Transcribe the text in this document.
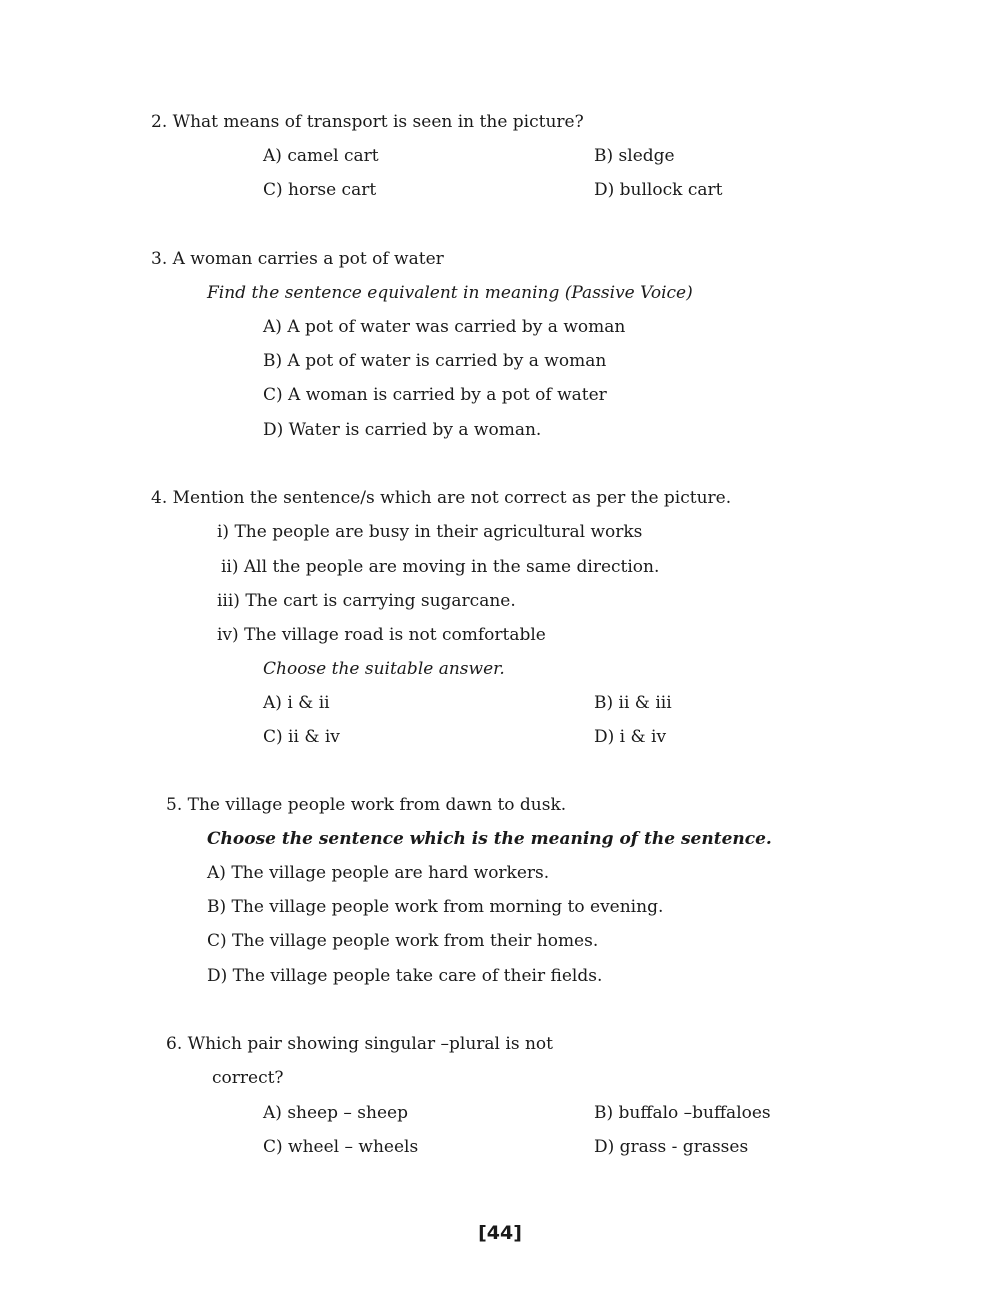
2. What means of transport is seen in the picture?
A) camel cart	B) sledge
C) horse cart	D) bullock cart
3. A woman carries a pot of water
Find the sentence equivalent in meaning (Passive Voice)
A) A pot of water was carried by a woman
B) A pot of water is carried by a woman
C) A woman is carried by a pot of water
D) Water is carried by a woman.
4. Mention the sentence/s which are not correct as per the picture.
i) The people are busy in their agricultural works
ii) All the people are moving in the same direction.
iii) The cart is carrying sugarcane.
iv) The village road is not comfortable
Choose the suitable answer.
A) i & ii	B) ii & iii
C) ii & iv	D) i & iv
5. The village people work from dawn to dusk.
Choose the sentence which is the meaning of the sentence.
A) The village people are hard workers.
B) The village people work from morning to evening.
C) The village people work from their homes.
D) The village people take care of their fields.
6. Which pair showing singular –plural is not
correct?
A) sheep – sheep	B) buffalo –buffaloes
C) wheel – wheels	D) grass - grasses
[44]
